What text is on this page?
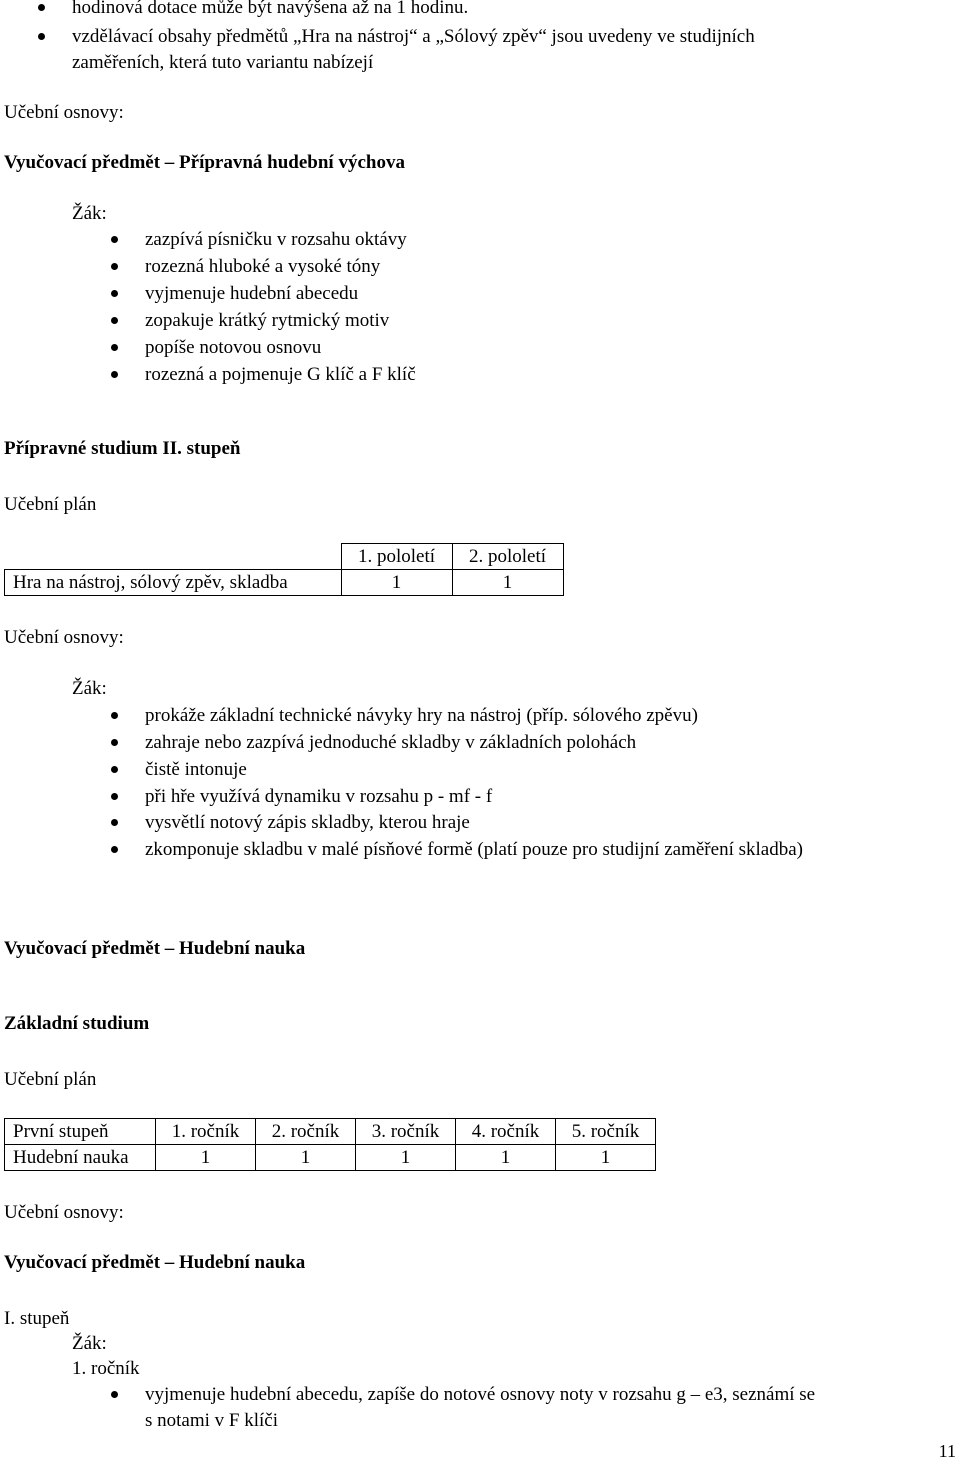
hodinová dotace může být navýšena až na 1 hodinu.
vzdělávací obsahy předmětů „Hra na nástroj“ a „Sólový zpěv“ jsou uvedeny ve studijních
zaměřeních, která tuto variantu nabízejí
Učební osnovy:
Vyučovací předmět – Přípravná hudební výchova
Žák:
zazpívá písničku v rozsahu oktávy
rozezná hluboké a vysoké tóny
vyjmenuje hudební abecedu
zopakuje krátký rytmický motiv
popíše notovou osnovu
rozezná a pojmenuje G klíč a F klíč
Přípravné studium II. stupeň
Učební plán
	1. pololetí	2. pololetí
Hra na nástroj, sólový zpěv, skladba	1	1
Učební osnovy:
Žák:
prokáže základní technické návyky hry na nástroj (příp. sólového zpěvu)
zahraje nebo zazpívá jednoduché skladby v základních polohách
čistě intonuje
při hře využívá dynamiku v rozsahu p - mf - f
vysvětlí notový zápis skladby, kterou hraje
zkomponuje skladbu v malé písňové formě (platí pouze pro studijní zaměření skladba)
Vyučovací předmět – Hudební nauka
Základní studium
Učební plán
První stupeň	1. ročník	2. ročník	3. ročník	4. ročník	5. ročník
Hudební nauka	1	1	1	1	1
Učební osnovy:
Vyučovací předmět – Hudební nauka
I. stupeň
Žák:
1. ročník
vyjmenuje hudební abecedu, zapíše do notové osnovy noty v rozsahu g – e3, seznámí se
s notami v F klíči
11
